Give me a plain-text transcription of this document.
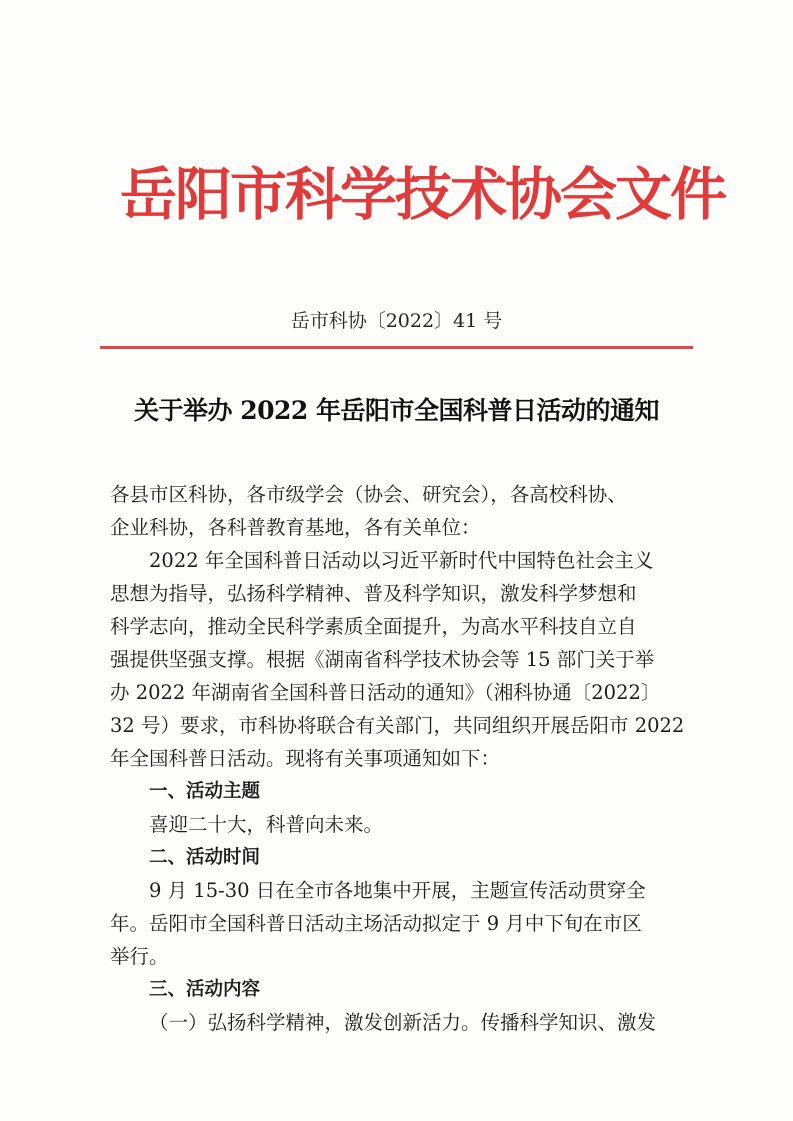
岳阳市科学技术协会文件
岳市科协〔2022〕41 号
关于举办 2022 年岳阳市全国科普日活动的通知
各县市区科协，各市级学会（协会、研究会），各高校科协、
企业科协，各科普教育基地，各有关单位：
2022 年全国科普日活动以习近平新时代中国特色社会主义
思想为指导，弘扬科学精神、普及科学知识，激发科学梦想和
科学志向，推动全民科学素质全面提升，为高水平科技自立自
强提供坚强支撑。根据《湖南省科学技术协会等 15 部门关于举
办 2022 年湖南省全国科普日活动的通知》（湘科协通〔2022〕
32 号）要求，市科协将联合有关部门，共同组织开展岳阳市 2022
年全国科普日活动。现将有关事项通知如下：
一、活动主题
喜迎二十大，科普向未来。
二、活动时间
9 月 15-30 日在全市各地集中开展，主题宣传活动贯穿全
年。岳阳市全国科普日活动主场活动拟定于 9 月中下旬在市区
举行。
三、活动内容
（一）弘扬科学精神，激发创新活力。传播科学知识、激发
